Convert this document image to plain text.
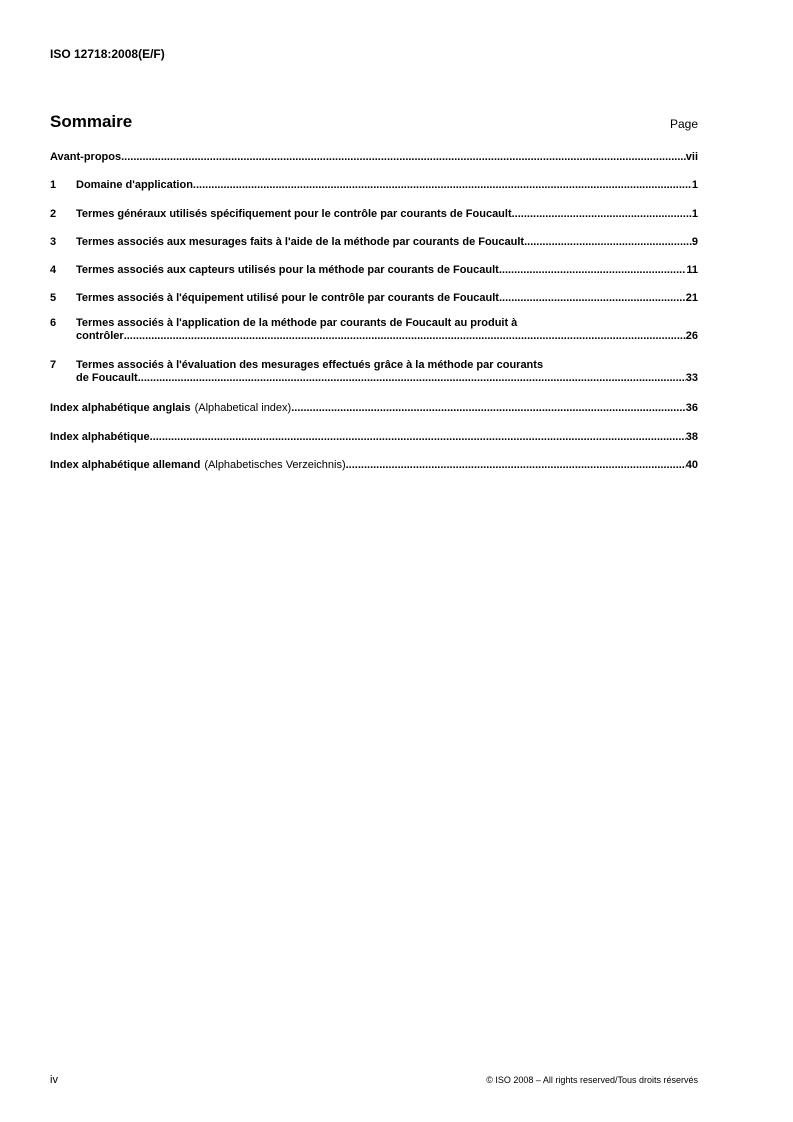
ISO 12718:2008(E/F)
Sommaire	Page
Avant-propos .....	vii
1 Domaine d'application .....	1
2 Termes généraux utilisés spécifiquement pour le contrôle par courants de Foucault .....	1
3 Termes associés aux mesurages faits à l'aide de la méthode par courants de Foucault .....	9
4 Termes associés aux capteurs utilisés pour la méthode par courants de Foucault .....	11
5 Termes associés à l'équipement utilisé pour le contrôle par courants de Foucault .....	21
6 Termes associés à l'application de la méthode par courants de Foucault au produit à
contrôler .....	26
7 Termes associés à l'évaluation des mesurages effectués grâce à la méthode par courants
de Foucault .....	33
Index alphabétique anglais (Alphabetical index) .....	36
Index alphabétique .....	38
Index alphabétique allemand (Alphabetisches Verzeichnis) .....	40
iv	© ISO 2008 – All rights reserved/Tous droits réservés
